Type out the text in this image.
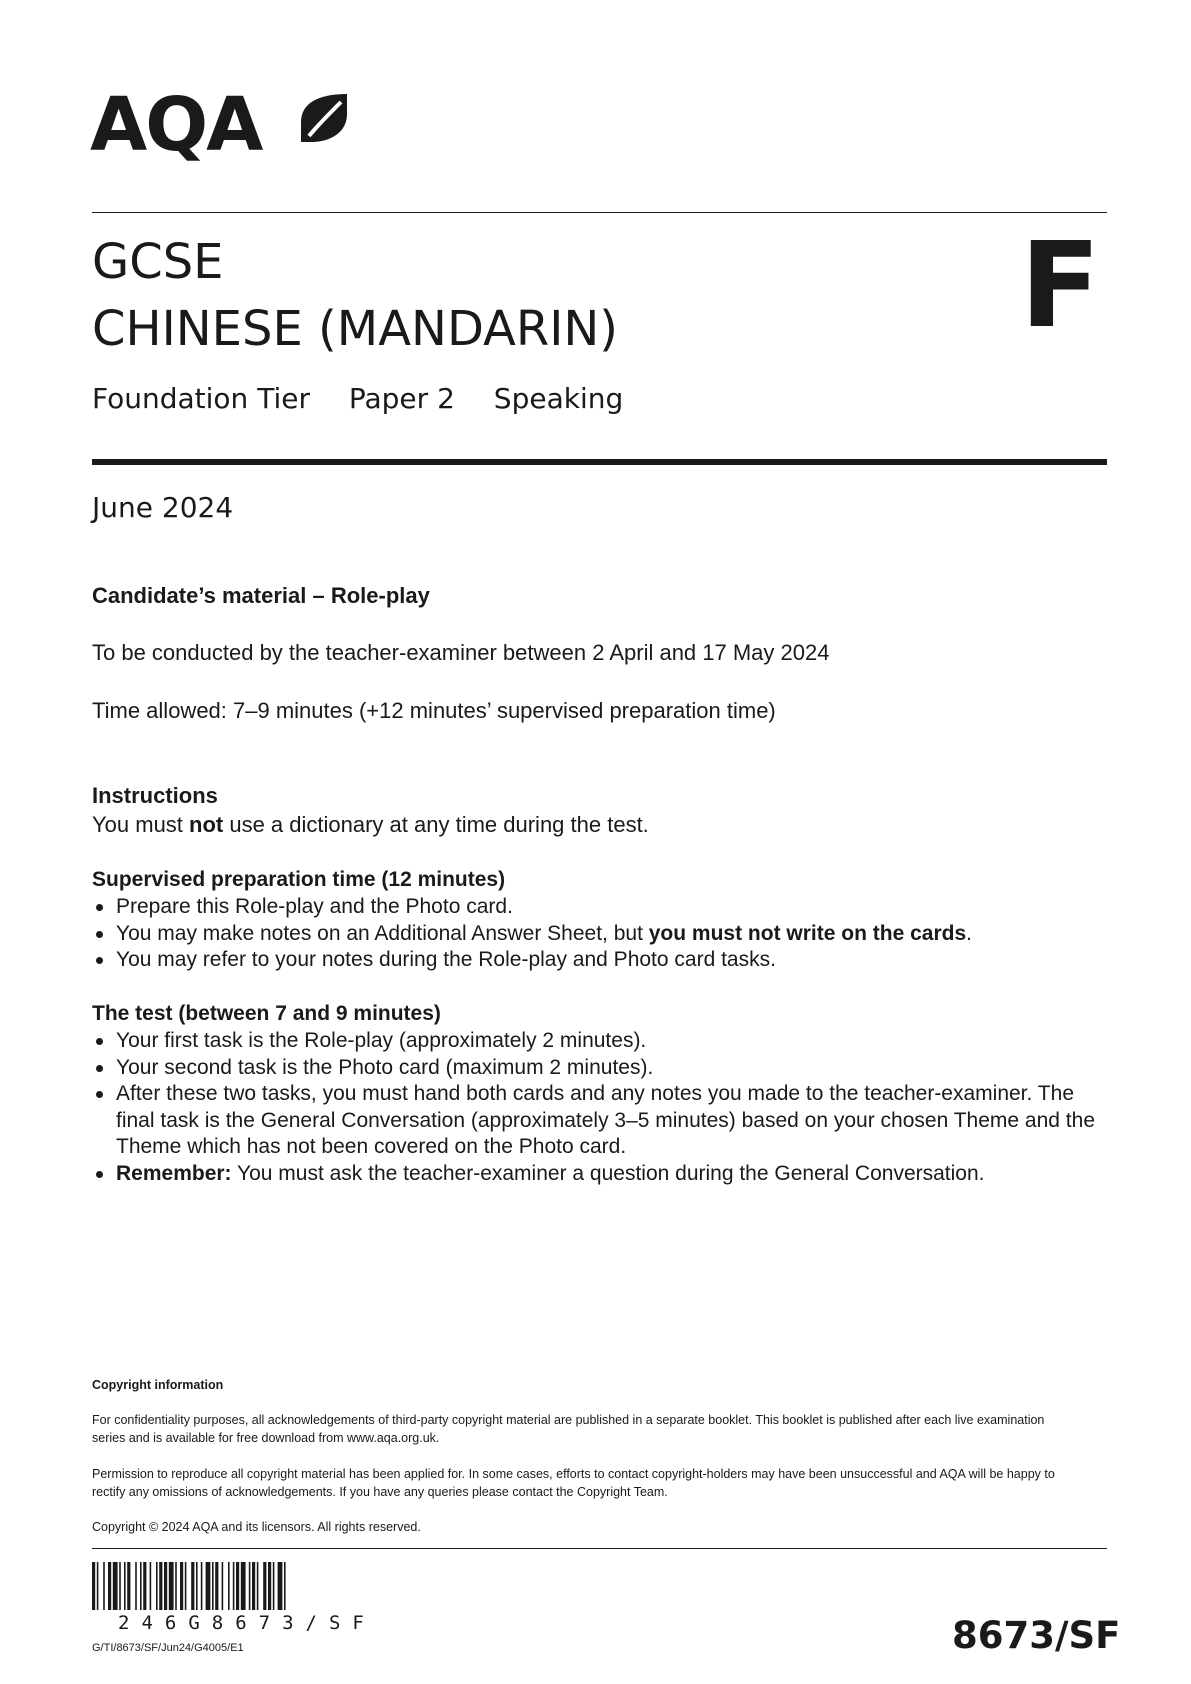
AQA
GCSE
CHINESE (MANDARIN)	F
Foundation Tier Paper 2 Speaking
June 2024
Candidate’s material – Role-play
To be conducted by the teacher-examiner between 2 April and 17 May 2024
Time allowed: 7–9 minutes (+12 minutes’ supervised preparation time)
Instructions
You must not use a dictionary at any time during the test.
Supervised preparation time (12 minutes)
Prepare this Role-play and the Photo card.
You may make notes on an Additional Answer Sheet, but you must not write on the cards.
You may refer to your notes during the Role-play and Photo card tasks.
The test (between 7 and 9 minutes)
Your first task is the Role-play (approximately 2 minutes).
Your second task is the Photo card (maximum 2 minutes).
After these two tasks, you must hand both cards and any notes you made to the teacher-examiner. The final task is the General Conversation (approximately 3–5 minutes) based on your chosen Theme and the Theme which has not been covered on the Photo card.
Remember: You must ask the teacher-examiner a question during the General Conversation.
Copyright information
For confidentiality purposes, all acknowledgements of third-party copyright material are published in a separate booklet. This booklet is published after each live examination series and is available for free download from www.aqa.org.uk.
Permission to reproduce all copyright material has been applied for. In some cases, efforts to contact copyright-holders may have been unsuccessful and AQA will be happy to rectify any omissions of acknowledgements. If you have any queries please contact the Copyright Team.
Copyright © 2024 AQA and its licensors. All rights reserved.
246G8673/SF
G/TI/8673/SF/Jun24/G4005/E1	8673/SF
